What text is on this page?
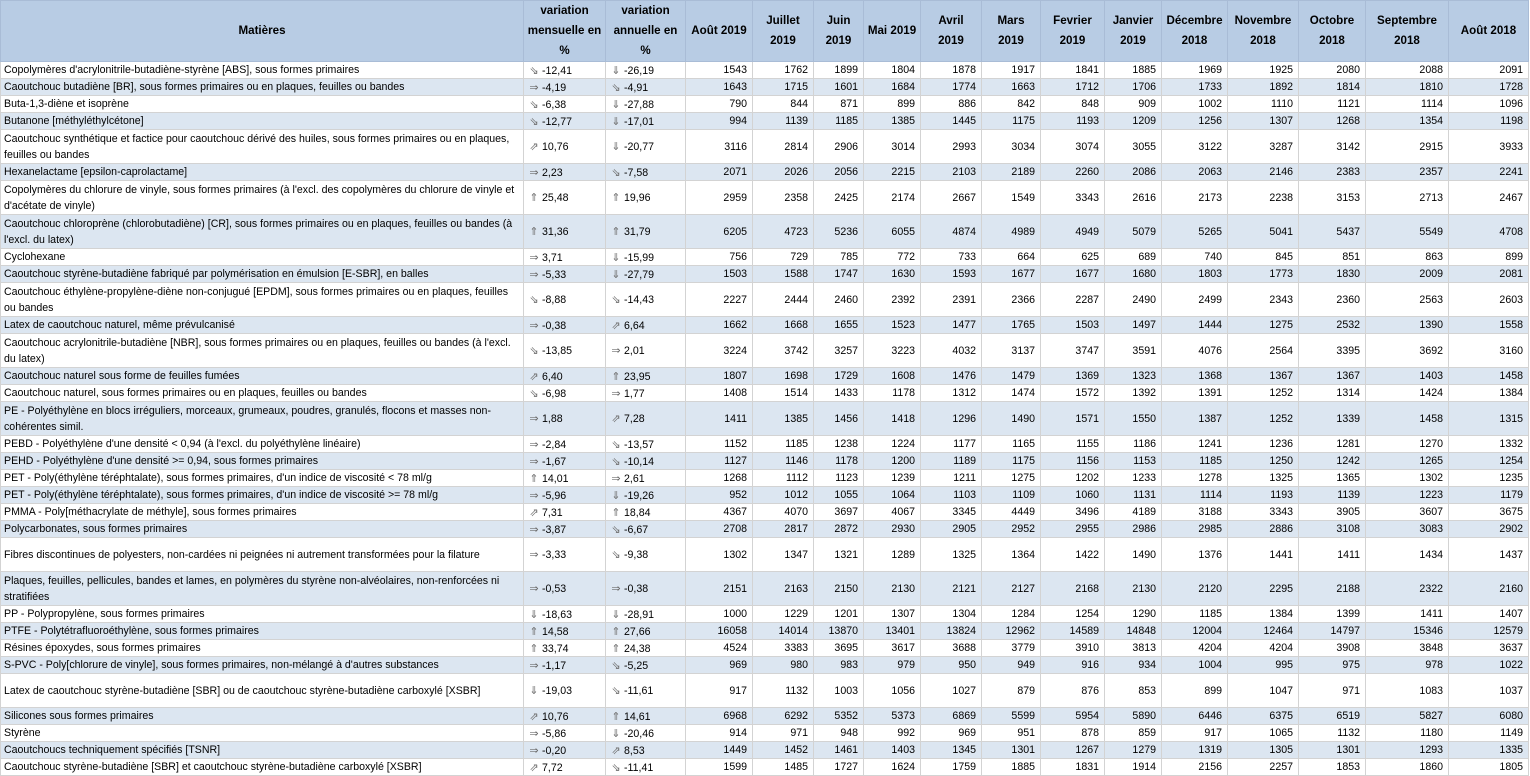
Matières	variation mensuelle en %	variation annuelle en %	Août 2019	Juillet 2019	Juin 2019	Mai 2019	Avril 2019	Mars 2019	Fevrier 2019	Janvier 2019	Décembre 2018	Novembre 2018	Octobre 2018	Septembre 2018	Août 2018
Copolymères d'acrylonitrile-butadiène-styrène [ABS], sous formes primaires	⇘ -12,41	⇓ -26,19	1543	1762	1899	1804	1878	1917	1841	1885	1969	1925	2080	2088	2091
Caoutchouc butadiène [BR], sous formes primaires ou en plaques, feuilles ou bandes	⇒ -4,19	⇘ -4,91	1643	1715	1601	1684	1774	1663	1712	1706	1733	1892	1814	1810	1728
Buta-1,3-diène et isoprène	⇘ -6,38	⇓ -27,88	790	844	871	899	886	842	848	909	1002	1110	1121	1114	1096
Butanone [méthyléthylcétone]	⇘ -12,77	⇓ -17,01	994	1139	1185	1385	1445	1175	1193	1209	1256	1307	1268	1354	1198
Caoutchouc synthétique et factice pour caoutchouc dérivé des huiles, sous formes primaires ou en plaques, feuilles ou bandes	⇗ 10,76	⇓ -20,77	3116	2814	2906	3014	2993	3034	3074	3055	3122	3287	3142	2915	3933
Hexanelactame [epsilon-caprolactame]	⇒ 2,23	⇘ -7,58	2071	2026	2056	2215	2103	2189	2260	2086	2063	2146	2383	2357	2241
Copolymères du chlorure de vinyle, sous formes primaires (à l'excl. des copolymères du chlorure de vinyle et d'acétate de vinyle)	⇑ 25,48	⇑ 19,96	2959	2358	2425	2174	2667	1549	3343	2616	2173	2238	3153	2713	2467
Caoutchouc chloroprène (chlorobutadiène) [CR], sous formes primaires ou en plaques, feuilles ou bandes (à l'excl. du latex)	⇑ 31,36	⇑ 31,79	6205	4723	5236	6055	4874	4989	4949	5079	5265	5041	5437	5549	4708
Cyclohexane	⇒ 3,71	⇓ -15,99	756	729	785	772	733	664	625	689	740	845	851	863	899
Caoutchouc styrène-butadiène fabriqué par polymérisation en émulsion [E-SBR], en balles	⇒ -5,33	⇓ -27,79	1503	1588	1747	1630	1593	1677	1677	1680	1803	1773	1830	2009	2081
Caoutchouc éthylène-propylène-diène non-conjugué [EPDM], sous formes primaires ou en plaques, feuilles ou bandes	⇘ -8,88	⇘ -14,43	2227	2444	2460	2392	2391	2366	2287	2490	2499	2343	2360	2563	2603
Latex de caoutchouc naturel, même prévulcanisé	⇒ -0,38	⇗ 6,64	1662	1668	1655	1523	1477	1765	1503	1497	1444	1275	2532	1390	1558
Caoutchouc acrylonitrile-butadiène [NBR], sous formes primaires ou en plaques, feuilles ou bandes (à l'excl. du latex)	⇘ -13,85	⇒ 2,01	3224	3742	3257	3223	4032	3137	3747	3591	4076	2564	3395	3692	3160
Caoutchouc naturel sous forme de feuilles fumées	⇗ 6,40	⇑ 23,95	1807	1698	1729	1608	1476	1479	1369	1323	1368	1367	1367	1403	1458
Caoutchouc naturel, sous formes primaires ou en plaques, feuilles ou bandes	⇘ -6,98	⇒ 1,77	1408	1514	1433	1178	1312	1474	1572	1392	1391	1252	1314	1424	1384
PE - Polyéthylène en blocs irréguliers, morceaux, grumeaux, poudres, granulés, flocons et masses non-cohérentes simil.	⇒ 1,88	⇗ 7,28	1411	1385	1456	1418	1296	1490	1571	1550	1387	1252	1339	1458	1315
PEBD - Polyéthylène d'une densité < 0,94 (à l'excl. du polyéthylène linéaire)	⇒ -2,84	⇘ -13,57	1152	1185	1238	1224	1177	1165	1155	1186	1241	1236	1281	1270	1332
PEHD - Polyéthylène d'une densité >= 0,94, sous formes primaires	⇒ -1,67	⇘ -10,14	1127	1146	1178	1200	1189	1175	1156	1153	1185	1250	1242	1265	1254
PET - Poly(éthylène téréphtalate), sous formes primaires, d'un indice de viscosité < 78 ml/g	⇑ 14,01	⇒ 2,61	1268	1112	1123	1239	1211	1275	1202	1233	1278	1325	1365	1302	1235
PET - Poly(éthylène téréphtalate), sous formes primaires, d'un indice de viscosité >= 78 ml/g	⇒ -5,96	⇓ -19,26	952	1012	1055	1064	1103	1109	1060	1131	1114	1193	1139	1223	1179
PMMA - Poly[méthacrylate de méthyle], sous formes primaires	⇗ 7,31	⇑ 18,84	4367	4070	3697	4067	3345	4449	3496	4189	3188	3343	3905	3607	3675
Polycarbonates, sous formes primaires	⇒ -3,87	⇘ -6,67	2708	2817	2872	2930	2905	2952	2955	2986	2985	2886	3108	3083	2902
Fibres discontinues de polyesters, non-cardées ni peignées ni autrement transformées pour la filature	⇒ -3,33	⇘ -9,38	1302	1347	1321	1289	1325	1364	1422	1490	1376	1441	1411	1434	1437
Plaques, feuilles, pellicules, bandes et lames, en polymères du styrène non-alvéolaires, non-renforcées ni stratifiées	⇒ -0,53	⇒ -0,38	2151	2163	2150	2130	2121	2127	2168	2130	2120	2295	2188	2322	2160
PP - Polypropylène, sous formes primaires	⇓ -18,63	⇓ -28,91	1000	1229	1201	1307	1304	1284	1254	1290	1185	1384	1399	1411	1407
PTFE - Polytétrafluoroéthylène, sous formes primaires	⇑ 14,58	⇑ 27,66	16058	14014	13870	13401	13824	12962	14589	14848	12004	12464	14797	15346	12579
Résines époxydes, sous formes primaires	⇑ 33,74	⇑ 24,38	4524	3383	3695	3617	3688	3779	3910	3813	4204	4204	3908	3848	3637
S-PVC - Poly[chlorure de vinyle], sous formes primaires, non-mélangé à d'autres substances	⇒ -1,17	⇘ -5,25	969	980	983	979	950	949	916	934	1004	995	975	978	1022
Latex de caoutchouc styrène-butadiène [SBR] ou de caoutchouc styrène-butadiène carboxylé [XSBR]	⇓ -19,03	⇘ -11,61	917	1132	1003	1056	1027	879	876	853	899	1047	971	1083	1037
Silicones sous formes primaires	⇗ 10,76	⇑ 14,61	6968	6292	5352	5373	6869	5599	5954	5890	6446	6375	6519	5827	6080
Styrène	⇒ -5,86	⇓ -20,46	914	971	948	992	969	951	878	859	917	1065	1132	1180	1149
Caoutchoucs techniquement spécifiés [TSNR]	⇒ -0,20	⇗ 8,53	1449	1452	1461	1403	1345	1301	1267	1279	1319	1305	1301	1293	1335
Caoutchouc styrène-butadiène [SBR] et caoutchouc styrène-butadiène carboxylé [XSBR]	⇗ 7,72	⇘ -11,41	1599	1485	1727	1624	1759	1885	1831	1914	2156	2257	1853	1860	1805
